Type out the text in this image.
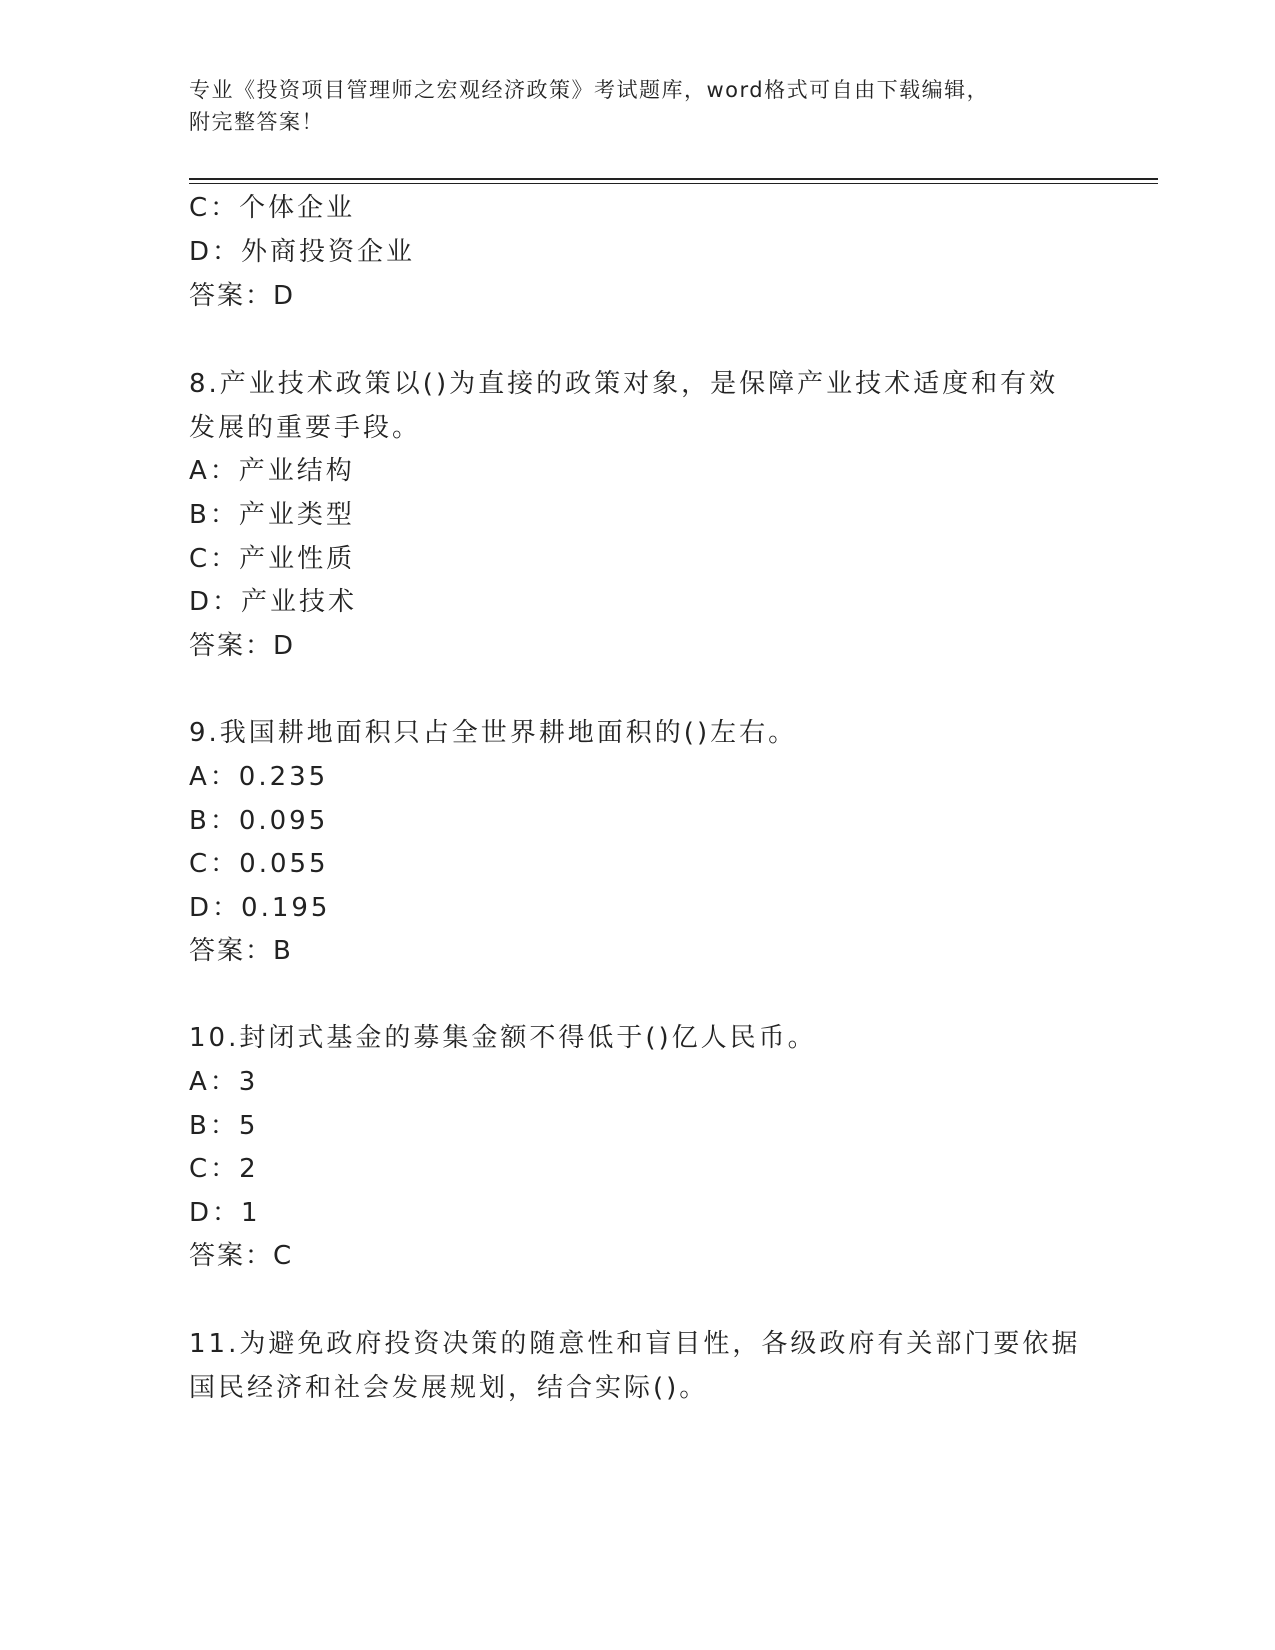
专业《投资项目管理师之宏观经济政策》考试题库，word格式可自由下载编辑，
附完整答案！
C：个体企业
D：外商投资企业
答案：D
8.产业技术政策以()为直接的政策对象，是保障产业技术适度和有效
发展的重要手段。
A：产业结构
B：产业类型
C：产业性质
D：产业技术
答案：D
9.我国耕地面积只占全世界耕地面积的()左右。
A：0.235
B：0.095
C：0.055
D：0.195
答案：B
10.封闭式基金的募集金额不得低于()亿人民币。
A：3
B：5
C：2
D：1
答案：C
11.为避免政府投资决策的随意性和盲目性，各级政府有关部门要依据
国民经济和社会发展规划，结合实际()。
